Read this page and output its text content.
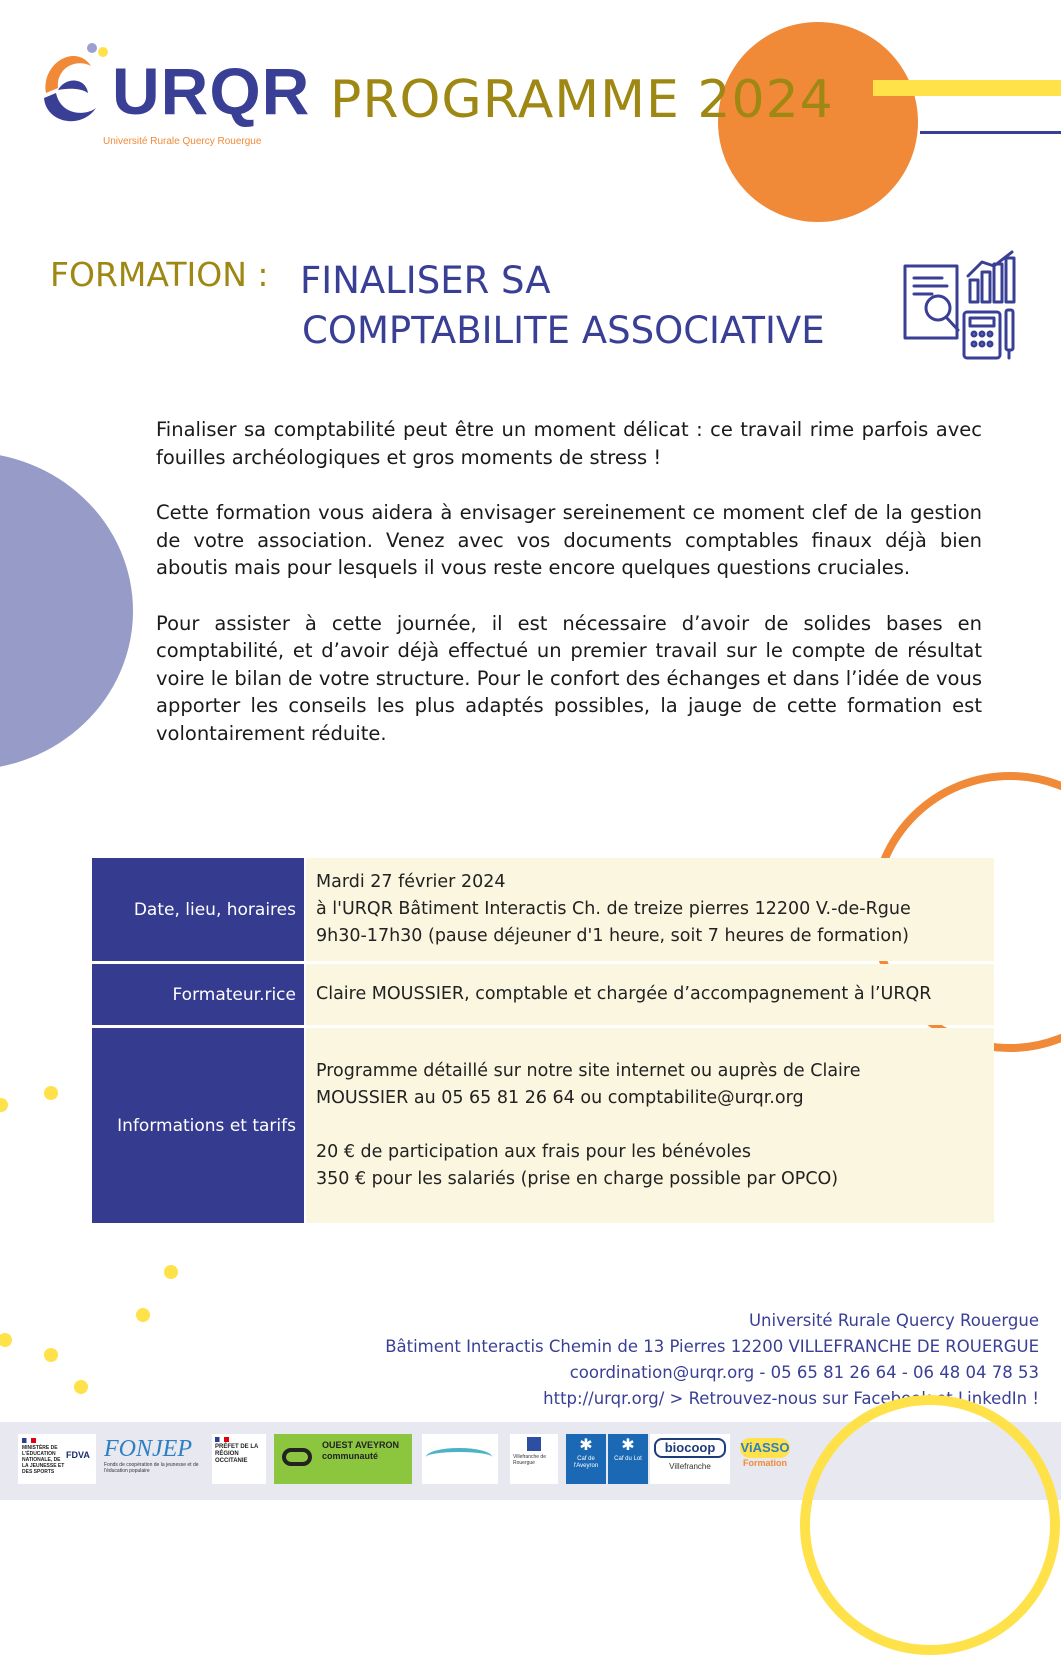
URQR
Université Rurale Quercy Rouergue
PROGRAMME 2024
FORMATION : FINALISER SA
COMPTABILITE ASSOCIATIVE

Finaliser sa comptabilité peut être un moment délicat : ce travail rime parfois avec fouilles archéologiques et gros moments de stress !

Cette formation vous aidera à envisager sereinement ce moment clef de la gestion de votre association. Venez avec vos documents comptables finaux déjà bien aboutis mais pour lesquels il vous reste encore quelques questions cruciales.

Pour assister à cette journée, il est nécessaire d’avoir de solides bases en comptabilité, et d’avoir déjà effectué un premier travail sur le compte de résultat voire le bilan de votre structure. Pour le confort des échanges et dans l’idée de vous apporter les conseils les plus adaptés possibles, la jauge de cette formation est volontairement réduite.

Date, lieu, horaires
Mardi 27 février 2024
à l'URQR Bâtiment Interactis Ch. de treize pierres 12200 V.-de-Rgue
9h30-17h30 (pause déjeuner d'1 heure, soit 7 heures de formation)
Formateur.rice	Claire MOUSSIER, comptable et chargée d’accompagnement à l’URQR
Informations et tarifs
Programme détaillé sur notre site internet ou auprès de Claire
MOUSSIER au 05 65 81 26 64 ou comptabilite@urqr.org
20 € de participation aux frais pour les bénévoles
350 € pour les salariés (prise en charge possible par OPCO)
Université Rurale Quercy Rouergue
Bâtiment Interactis Chemin de 13 Pierres 12200 VILLEFRANCHE DE ROUERGUE
coordination@urqr.org - 05 65 81 26 64 - 06 48 04 78 53
http://urqr.org/ > Retrouvez-nous sur Facebook et LinkedIn !
MINISTÈRE DE L'ÉDUCATION NATIONALE, DE LA JEUNESSE ET DES SPORTS
FDVA FONJEP
Fonds de coopération de la jeunesse et de l'éducation populaire
PRÉFET DE LA RÉGION OCCITANIE
OUEST AVEYRON communauté	Villefranche de Rouergue
✱
Caf de l'Aveyron
✱
Caf du Lot
biocoop
Villefranche
ViASSO
Formation
